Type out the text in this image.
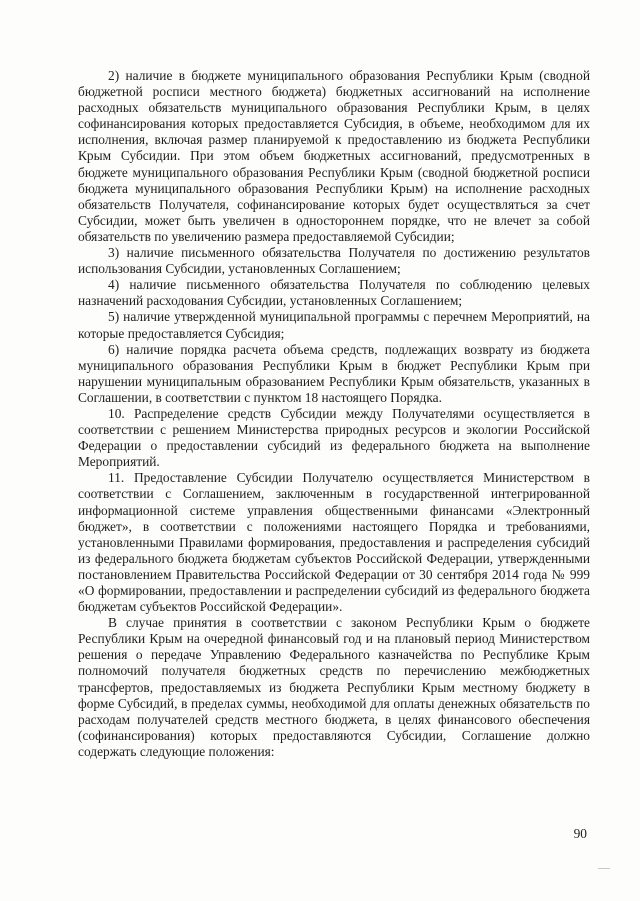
2) наличие в бюджете муниципального образования Республики Крым (сводной бюджетной росписи местного бюджета) бюджетных ассигнований на исполнение расходных обязательств муниципального образования Республики Крым, в целях софинансирования которых предоставляется Субсидия, в объеме, необходимом для их исполнения, включая размер планируемой к предоставлению из бюджета Республики Крым Субсидии. При этом объем бюджетных ассигнований, предусмотренных в бюджете муниципального образования Республики Крым (сводной бюджетной росписи бюджета муниципального образования Республики Крым) на исполнение расходных обязательств Получателя, софинансирование которых будет осуществляться за счет Субсидии, может быть увеличен в одностороннем порядке, что не влечет за собой обязательств по увеличению размера предоставляемой Субсидии;

3) наличие письменного обязательства Получателя по достижению результатов использования Субсидии, установленных Соглашением;

4) наличие письменного обязательства Получателя по соблюдению целевых назначений расходования Субсидии, установленных Соглашением;

5) наличие утвержденной муниципальной программы с перечнем Мероприятий, на которые предоставляется Субсидия;

6) наличие порядка расчета объема средств, подлежащих возврату из бюджета муниципального образования Республики Крым в бюджет Республики Крым при нарушении муниципальным образованием Республики Крым обязательств, указанных в Соглашении, в соответствии с пунктом 18 настоящего Порядка.

10. Распределение средств Субсидии между Получателями осуществляется в соответствии с решением Министерства природных ресурсов и экологии Российской Федерации о предоставлении субсидий из федерального бюджета на выполнение Мероприятий.

11. Предоставление Субсидии Получателю осуществляется Министерством в соответствии с Соглашением, заключенным в государственной интегрированной информационной системе управления общественными финансами «Электронный бюджет», в соответствии с положениями настоящего Порядка и требованиями, установленными Правилами формирования, предоставления и распределения субсидий из федерального бюджета бюджетам субъектов Российской Федерации, утвержденными постановлением Правительства Российской Федерации от 30 сентября 2014 года № 999 «О формировании, предоставлении и распределении субсидий из федерального бюджета бюджетам субъектов Российской Федерации».

В случае принятия в соответствии с законом Республики Крым о бюджете Республики Крым на очередной финансовый год и на плановый период Министерством решения о передаче Управлению Федерального казначейства по Республике Крым полномочий получателя бюджетных средств по перечислению межбюджетных трансфертов, предоставляемых из бюджета Республики Крым местному бюджету в форме Субсидий, в пределах суммы, необходимой для оплаты денежных обязательств по расходам получателей средств местного бюджета, в целях финансового обеспечения (софинансирования) которых предоставляются Субсидии, Соглашение должно содержать следующие положения:

90
